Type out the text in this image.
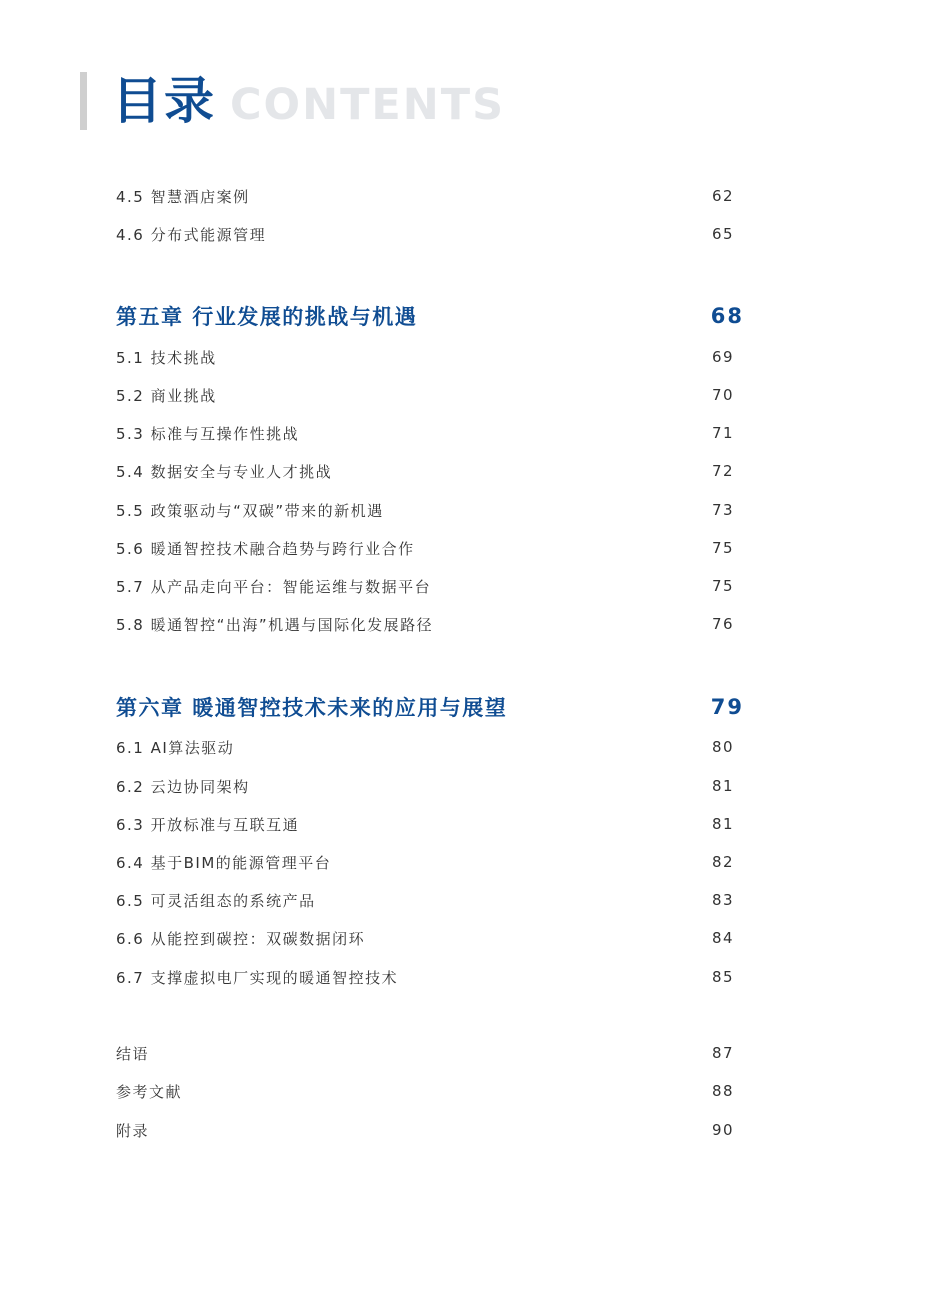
目录 CONTENTS
4.5 智慧酒店案例	62
4.6 分布式能源管理	65
第五章 行业发展的挑战与机遇	68
5.1 技术挑战	69
5.2 商业挑战	70
5.3 标准与互操作性挑战	71
5.4 数据安全与专业人才挑战	72
5.5 政策驱动与“双碳”带来的新机遇	73
5.6 暖通智控技术融合趋势与跨行业合作	75
5.7 从产品走向平台：智能运维与数据平台	75
5.8 暖通智控“出海”机遇与国际化发展路径	76
第六章 暖通智控技术未来的应用与展望	79
6.1 AI算法驱动	80
6.2 云边协同架构	81
6.3 开放标准与互联互通	81
6.4 基于BIM的能源管理平台	82
6.5 可灵活组态的系统产品	83
6.6 从能控到碳控：双碳数据闭环	84
6.7 支撑虚拟电厂实现的暖通智控技术	85
结语	87
参考文献	88
附录	90
